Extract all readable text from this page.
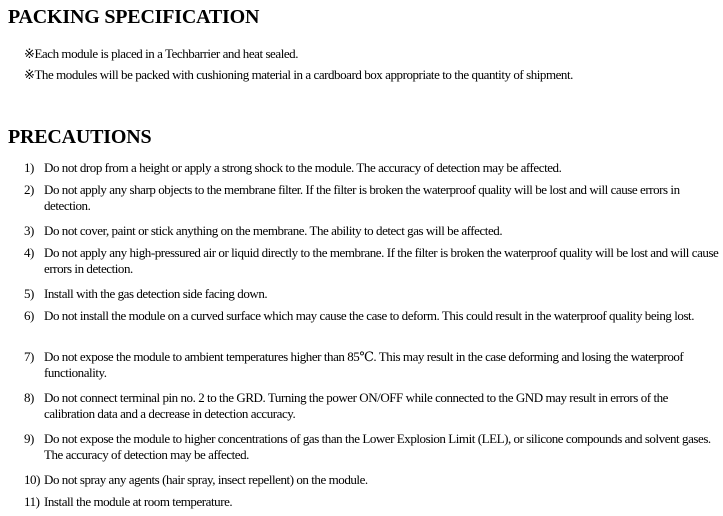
PACKING SPECIFICATION
※Each module is placed in a Techbarrier and heat sealed.
※The modules will be packed with cushioning material in a cardboard box appropriate to the quantity of shipment.
PRECAUTIONS
1) Do not drop from a height or apply a strong shock to the module. The accuracy of detection may be affected.
2) Do not apply any sharp objects to the membrane filter. If the filter is broken the waterproof quality will be lost and will cause errors in detection.
3) Do not cover, paint or stick anything on the membrane. The ability to detect gas will be affected.
4) Do not apply any high-pressured air or liquid directly to the membrane. If the filter is broken the waterproof quality will be lost and will cause errors in detection.
5) Install with the gas detection side facing down.
6) Do not install the module on a curved surface which may cause the case to deform. This could result in the waterproof quality being lost.
7) Do not expose the module to ambient temperatures higher than 85℃. This may result in the case deforming and losing the waterproof functionality.
8) Do not connect terminal pin no. 2 to the GRD. Turning the power ON/OFF while connected to the GND may result in errors of the calibration data and a decrease in detection accuracy.
9) Do not expose the module to higher concentrations of gas than the Lower Explosion Limit (LEL), or silicone compounds and solvent gases. The accuracy of detection may be affected.
10) Do not spray any agents (hair spray, insect repellent) on the module.
11) Install the module at room temperature.
